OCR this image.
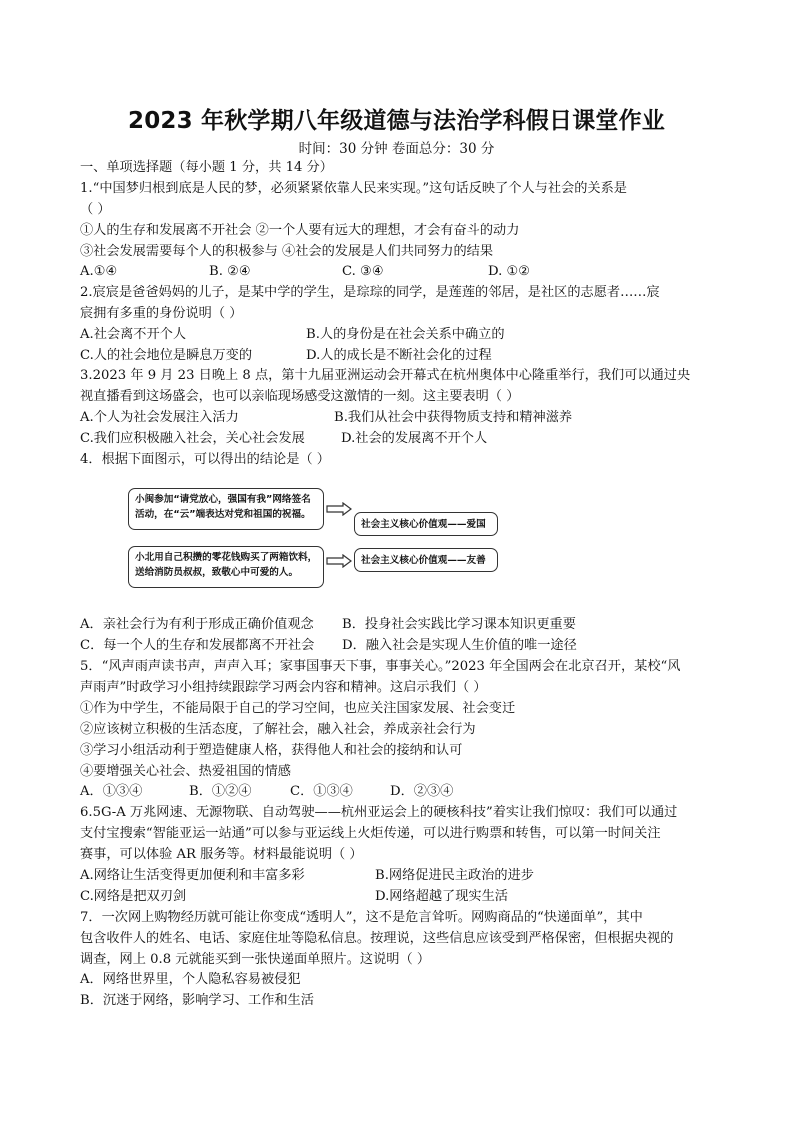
2023 年秋学期八年级道德与法治学科假日课堂作业
时间：30 分钟 卷面总分：30 分
一、单项选择题（每小题 1 分，共 14 分）
1.“中国梦归根到底是人民的梦，必须紧紧依靠人民来实现。”这句话反映了个人与社会的关系是
（ ）
①人的生存和发展离不开社会 ②一个人要有远大的理想，才会有奋斗的动力
③社会发展需要每个人的积极参与 ④社会的发展是人们共同努力的结果
A.①④	B. ②④	C. ③④	D. ①②
2.宸宸是爸爸妈妈的儿子，是某中学的学生，是琮琮的同学，是莲莲的邻居，是社区的志愿者……宸
宸拥有多重的身份说明（ ）
A.社会离不开个人	B.人的身份是在社会关系中确立的
C.人的社会地位是瞬息万变的	D.人的成长是不断社会化的过程
3.2023 年 9 月 23 日晚上 8 点，第十九届亚洲运动会开幕式在杭州奥体中心隆重举行，我们可以通过央
视直播看到这场盛会，也可以亲临现场感受这激情的一刻。这主要表明（ ）
A.个人为社会发展注入活力	B.我们从社会中获得物质支持和精神滋养
C.我们应积极融入社会，关心社会发展	D.社会的发展离不开个人
4．根据下面图示，可以得出的结论是（ ）
小闽参加“请党放心，强国有我”网络签名
活动，在“云”端表达对党和祖国的祝福。
社会主义核心价值观——爱国
小北用自己积攒的零花钱购买了两箱饮料，
送给消防员叔叔，致敬心中可爱的人。
社会主义核心价值观——友善
A．亲社会行为有利于形成正确价值观念 B．投身社会实践比学习课本知识更重要
C．每一个人的生存和发展都离不开社会 D．融入社会是实现人生价值的唯一途径
5．“风声雨声读书声，声声入耳；家事国事天下事，事事关心。”2023 年全国两会在北京召开，某校“风
声雨声”时政学习小组持续跟踪学习两会内容和精神。这启示我们（ ）
①作为中学生，不能局限于自己的学习空间，也应关注国家发展、社会变迁
②应该树立积极的生活态度，了解社会，融入社会，养成亲社会行为
③学习小组活动利于塑造健康人格，获得他人和社会的接纳和认可
④要增强关心社会、热爱祖国的情感
A．①③④	B．①②④	C．①③④	D．②③④
6.5G-A 万兆网速、无源物联、自动驾驶——杭州亚运会上的硬核科技”着实让我们惊叹：我们可以通过
支付宝搜索“智能亚运一站通”可以参与亚运线上火炬传递，可以进行购票和转售，可以第一时间关注
赛事，可以体验 AR 服务等。材料最能说明（ ）
A.网络让生活变得更加便利和丰富多彩	B.网络促进民主政治的进步
C.网络是把双刃剑	D.网络超越了现实生活
7．一次网上购物经历就可能让你变成“透明人”，这不是危言耸听。网购商品的“快递面单”，其中
包含收件人的姓名、电话、家庭住址等隐私信息。按理说，这些信息应该受到严格保密，但根据央视的
调查，网上 0.8 元就能买到一张快递面单照片。这说明（ ）
A．网络世界里，个人隐私容易被侵犯
B．沉迷于网络，影响学习、工作和生活
